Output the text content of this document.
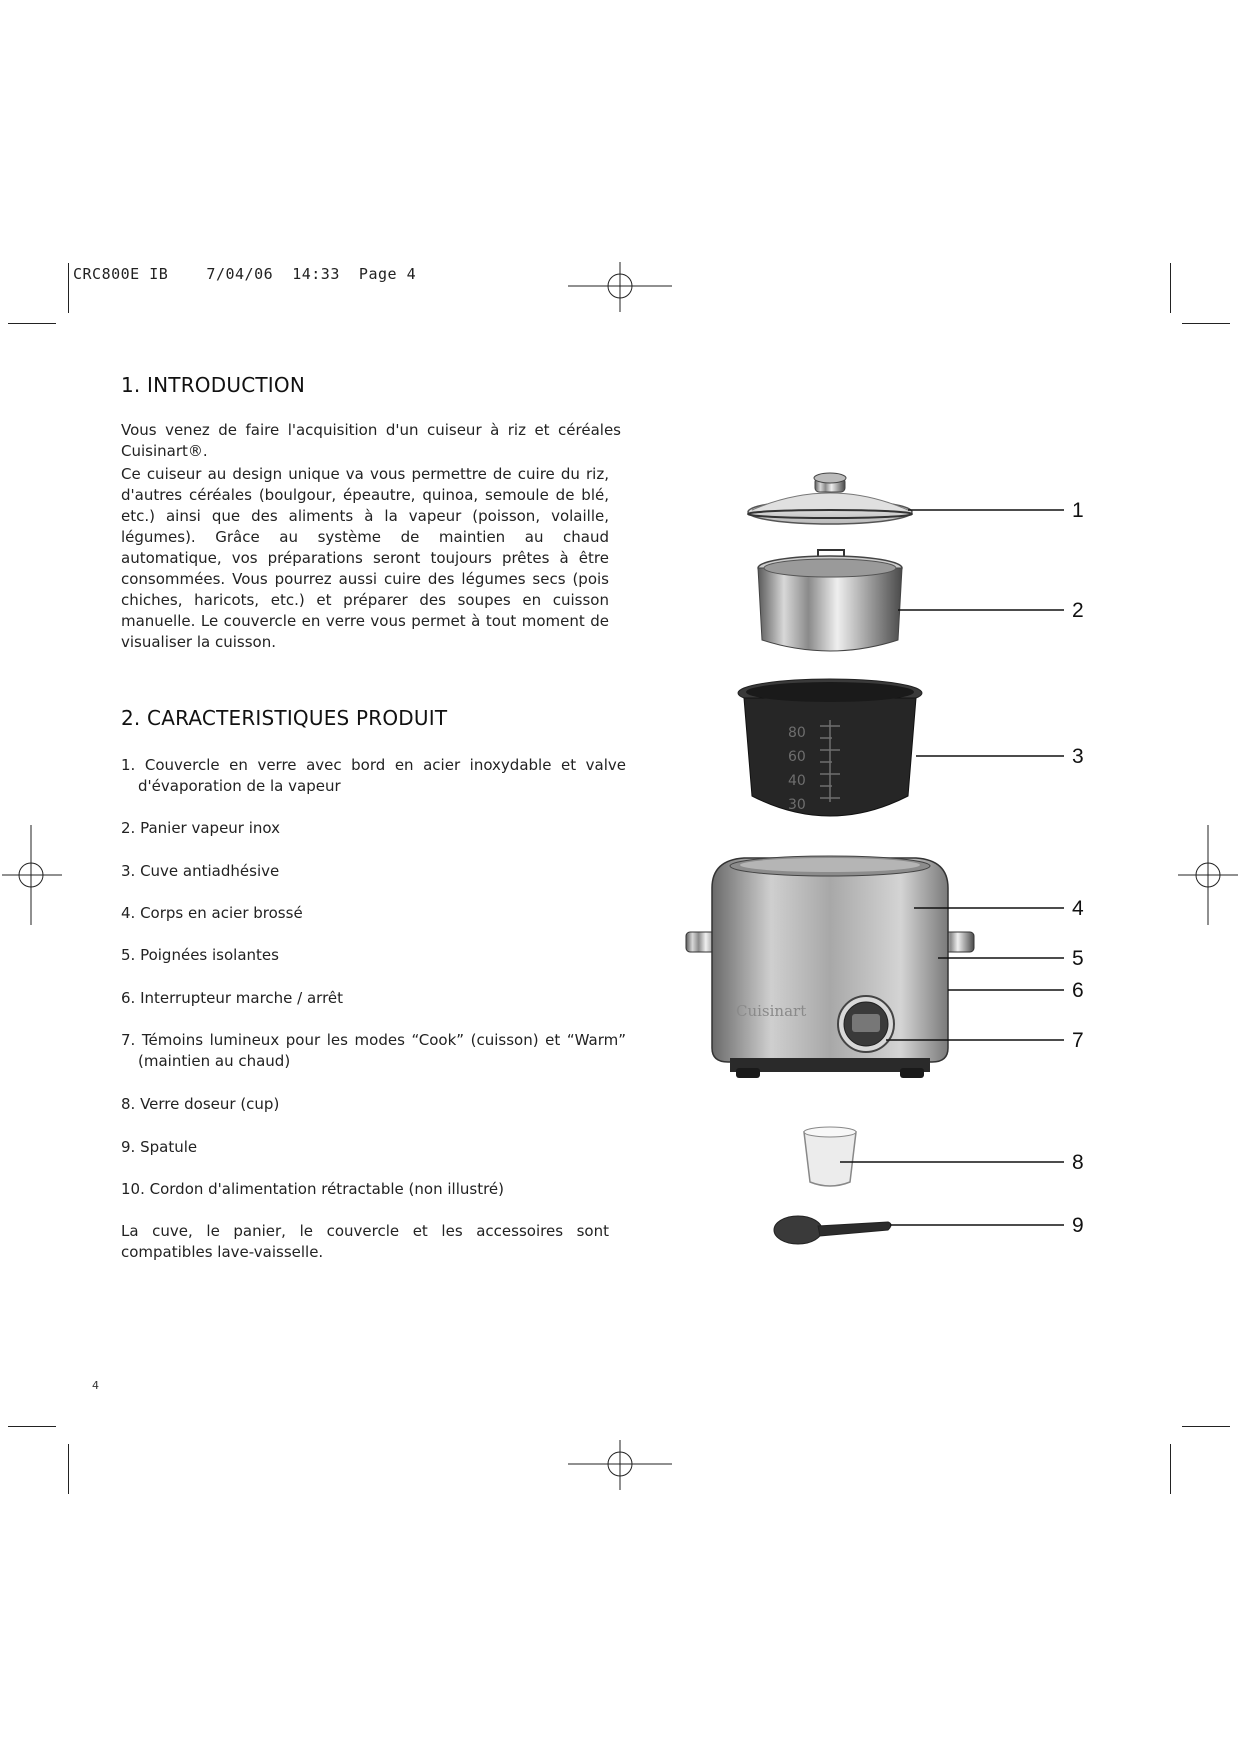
CRC800E IB    7/04/06  14:33  Page 4
1. INTRODUCTION
Vous venez de faire l'acquisition d'un cuiseur à riz et céréales Cuisinart®.
Ce cuiseur au design unique va vous permettre de cuire du riz, d'autres céréales (boulgour, épeautre, quinoa, semoule de blé, etc.) ainsi que des aliments à la vapeur (poisson, volaille, légumes). Grâce au système de maintien au chaud automatique, vos préparations seront toujours prêtes à être consommées. Vous pourrez aussi cuire des légumes secs (pois chiches, haricots, etc.) et préparer des soupes en cuisson manuelle. Le couvercle en verre vous permet à tout moment de visualiser la cuisson.
2. CARACTERISTIQUES PRODUIT
1. Couvercle en verre avec bord en acier inoxydable et valve d'évaporation de la vapeur
2. Panier vapeur inox
3. Cuve antiadhésive
4. Corps en acier brossé
5. Poignées isolantes
6. Interrupteur marche / arrêt
7. Témoins lumineux pour les modes “Cook” (cuisson) et “Warm” (maintien au chaud)
8. Verre doseur (cup)
9. Spatule
10. Cordon d'alimentation rétractable (non illustré)
La cuve, le panier, le couvercle et les accessoires sont compatibles lave-vaisselle.
80
60
40
30
Cuisinart
1
2
3
4
5
6
7
8
9
4
